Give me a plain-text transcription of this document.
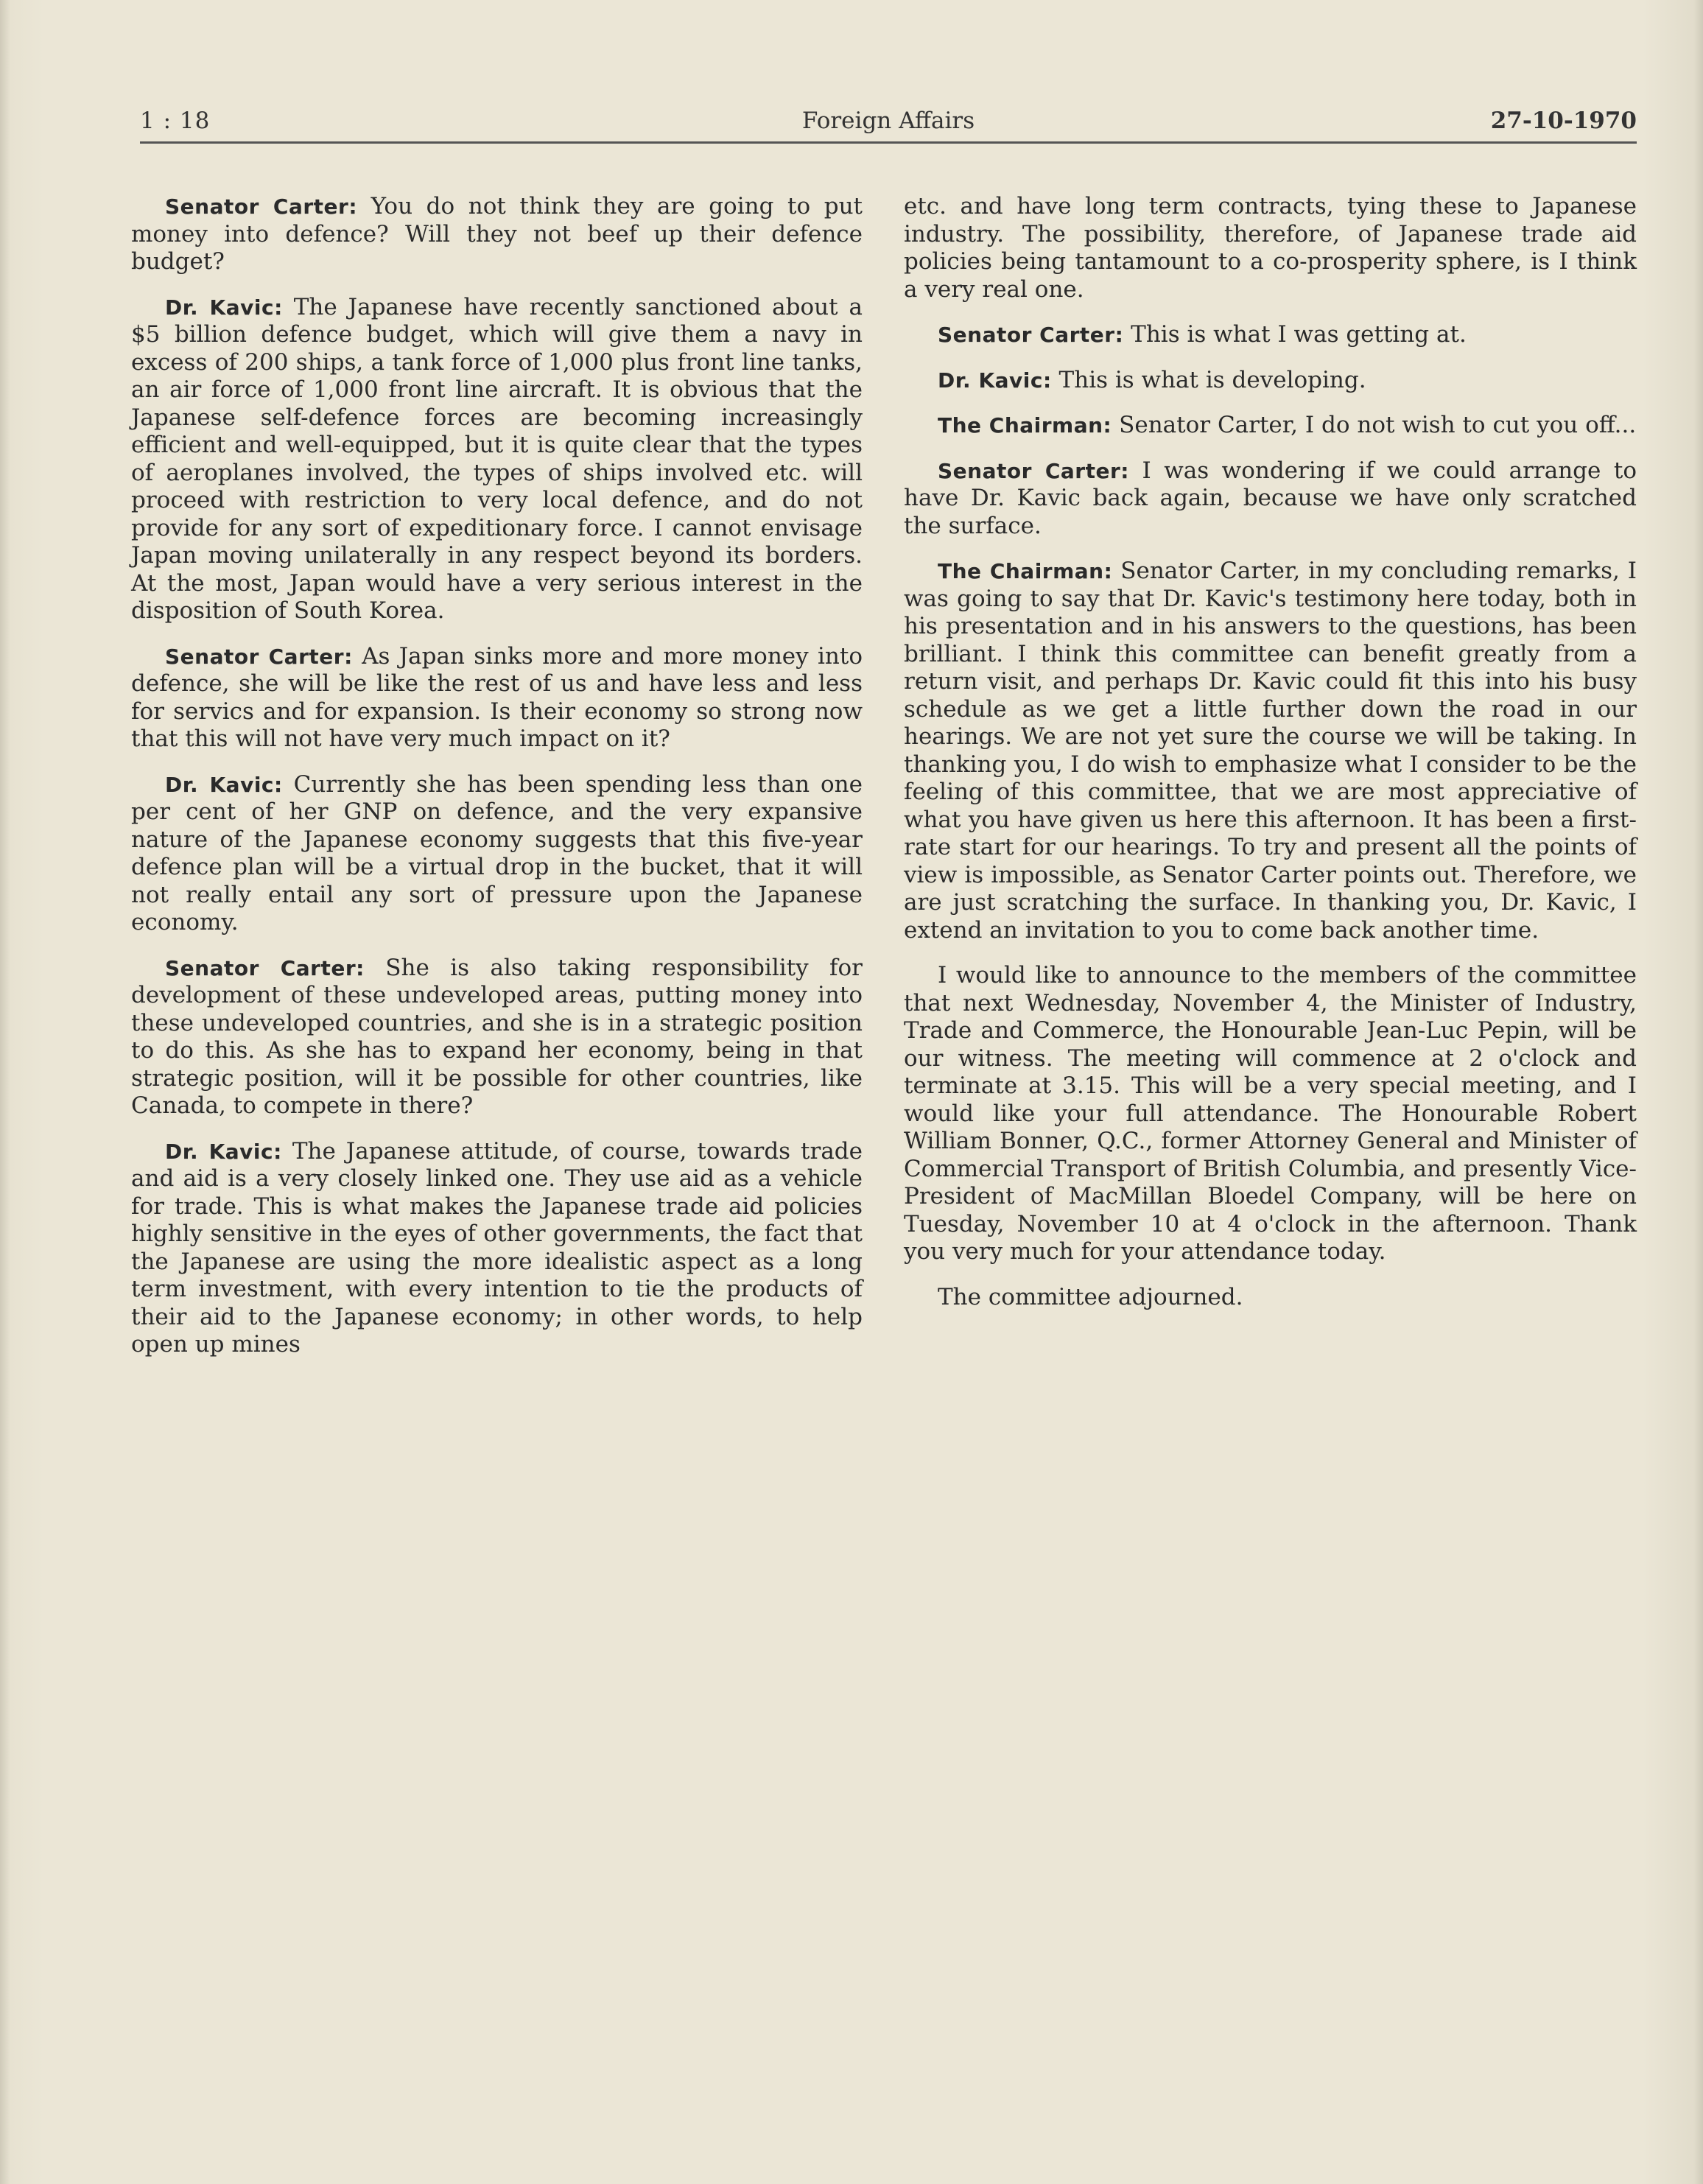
1 : 18	Foreign Affairs	27-10-1970

Senator Carter: You do not think they are going to put money into defence? Will they not beef up their defence budget?

Dr. Kavic: The Japanese have recently sanctioned about a $5 billion defence budget, which will give them a navy in excess of 200 ships, a tank force of 1,000 plus front line tanks, an air force of 1,000 front line aircraft. It is obvious that the Japanese self-defence forces are becoming increasingly efficient and well-equipped, but it is quite clear that the types of aeroplanes involved, the types of ships involved etc. will proceed with restriction to very local defence, and do not provide for any sort of expeditionary force. I cannot envisage Japan moving unilaterally in any respect beyond its borders. At the most, Japan would have a very serious interest in the disposition of South Korea.

Senator Carter: As Japan sinks more and more money into defence, she will be like the rest of us and have less and less for servics and for expansion. Is their economy so strong now that this will not have very much impact on it?

Dr. Kavic: Currently she has been spending less than one per cent of her GNP on defence, and the very expansive nature of the Japanese economy suggests that this five-year defence plan will be a virtual drop in the bucket, that it will not really entail any sort of pressure upon the Japanese economy.

Senator Carter: She is also taking responsibility for development of these undeveloped areas, putting money into these undeveloped countries, and she is in a strategic position to do this. As she has to expand her economy, being in that strategic position, will it be possible for other countries, like Canada, to compete in there?

Dr. Kavic: The Japanese attitude, of course, towards trade and aid is a very closely linked one. They use aid as a vehicle for trade. This is what makes the Japanese trade aid policies highly sensitive in the eyes of other governments, the fact that the Japanese are using the more idealistic aspect as a long term investment, with every intention to tie the products of their aid to the Japanese economy; in other words, to help open up mines

etc. and have long term contracts, tying these to Japanese industry. The possibility, therefore, of Japanese trade aid policies being tantamount to a co-prosperity sphere, is I think a very real one.

Senator Carter: This is what I was getting at.

Dr. Kavic: This is what is developing.

The Chairman: Senator Carter, I do not wish to cut you off...

Senator Carter: I was wondering if we could arrange to have Dr. Kavic back again, because we have only scratched the surface.

The Chairman: Senator Carter, in my concluding remarks, I was going to say that Dr. Kavic's testimony here today, both in his presentation and in his answers to the questions, has been brilliant. I think this committee can benefit greatly from a return visit, and perhaps Dr. Kavic could fit this into his busy schedule as we get a little further down the road in our hearings. We are not yet sure the course we will be taking. In thanking you, I do wish to emphasize what I consider to be the feeling of this committee, that we are most appreciative of what you have given us here this afternoon. It has been a first-rate start for our hearings. To try and present all the points of view is impossible, as Senator Carter points out. Therefore, we are just scratching the surface. In thanking you, Dr. Kavic, I extend an invitation to you to come back another time.

I would like to announce to the members of the committee that next Wednesday, November 4, the Minister of Industry, Trade and Commerce, the Honourable Jean-Luc Pepin, will be our witness. The meeting will commence at 2 o'clock and terminate at 3.15. This will be a very special meeting, and I would like your full attendance. The Honourable Robert William Bonner, Q.C., former Attorney General and Minister of Commercial Transport of British Columbia, and presently Vice-President of MacMillan Bloedel Company, will be here on Tuesday, November 10 at 4 o'clock in the afternoon. Thank you very much for your attendance today.

The committee adjourned.
